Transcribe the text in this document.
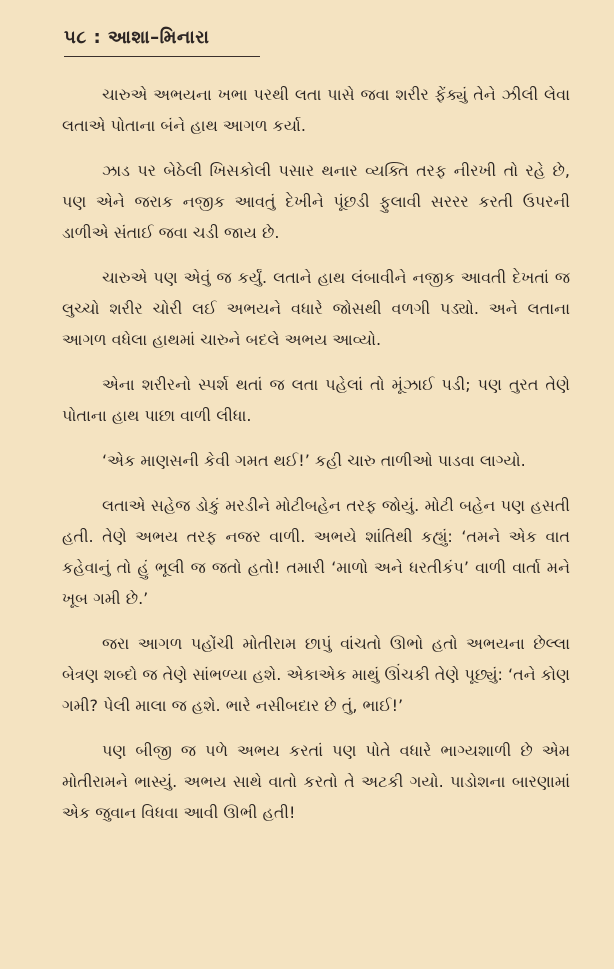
૫૮ : આશા–મિનારા

ચારુએ અભયના ખભા પરથી લતા પાસે જવા શરીર ફેંક્યું તેને ઝીલી લેવા લતાએ પોતાના બંને હાથ આગળ કર્યા.

ઝાડ પર બેઠેલી ખિસકોલી પસાર થનાર વ્યક્તિ તરફ નીરખી તો રહે છે, પણ એને જરાક નજીક આવતું દેખીને પૂંછડી ફુલાવી સરરર કરતી ઉપરની ડાળીએ સંતાઈ જવા ચડી જાય છે.

ચારુએ પણ એવું જ કર્યું. લતાને હાથ લંબાવીને નજીક આવતી દેખતાં જ લુચ્ચો શરીર ચોરી લઈ અભયને વધારે જોસથી વળગી પડ્યો. અને લતાના આગળ વધેલા હાથમાં ચારુને બદલે અભય આવ્યો.

એના શરીરનો સ્પર્શ થતાં જ લતા પહેલાં તો મૂંઝાઈ પડી; પણ તુરત તેણે પોતાના હાથ પાછા વાળી લીધા.

‘એક માણસની કેવી ગમત થઈ!’ કહી ચારુ તાળીઓ પાડવા લાગ્યો.

લતાએ સહેજ ડોકું મરડીને મોટીબહેન તરફ જોયું. મોટી બહેન પણ હસતી હતી. તેણે અભય તરફ નજર વાળી. અભયે શાંતિથી કહ્યું: ‘તમને એક વાત કહેવાનું તો હું ભૂલી જ જતો હતો! તમારી ‘માળો અને ધરતીકંપ’ વાળી વાર્તા મને ખૂબ ગમી છે.’

જરા આગળ પહોંચી મોતીરામ છાપું વાંચતો ઊભો હતો અભયના છેલ્લા બેત્રણ શબ્દો જ તેણે સાંભળ્યા હશે. એકાએક માથું ઊંચકી તેણે પૂછ્યું: ‘તને કોણ ગમી? પેલી માલા જ હશે. ભારે નસીબદાર છે તું, ભાઈ!’

પણ બીજી જ પળે અભય કરતાં પણ પોતે વધારે ભાગ્યશાળી છે એમ મોતીરામને ભાસ્યું. અભય સાથે વાતો કરતો તે અટકી ગયો. પાડોશના બારણામાં એક જુવાન વિધવા આવી ઊભી હતી!
